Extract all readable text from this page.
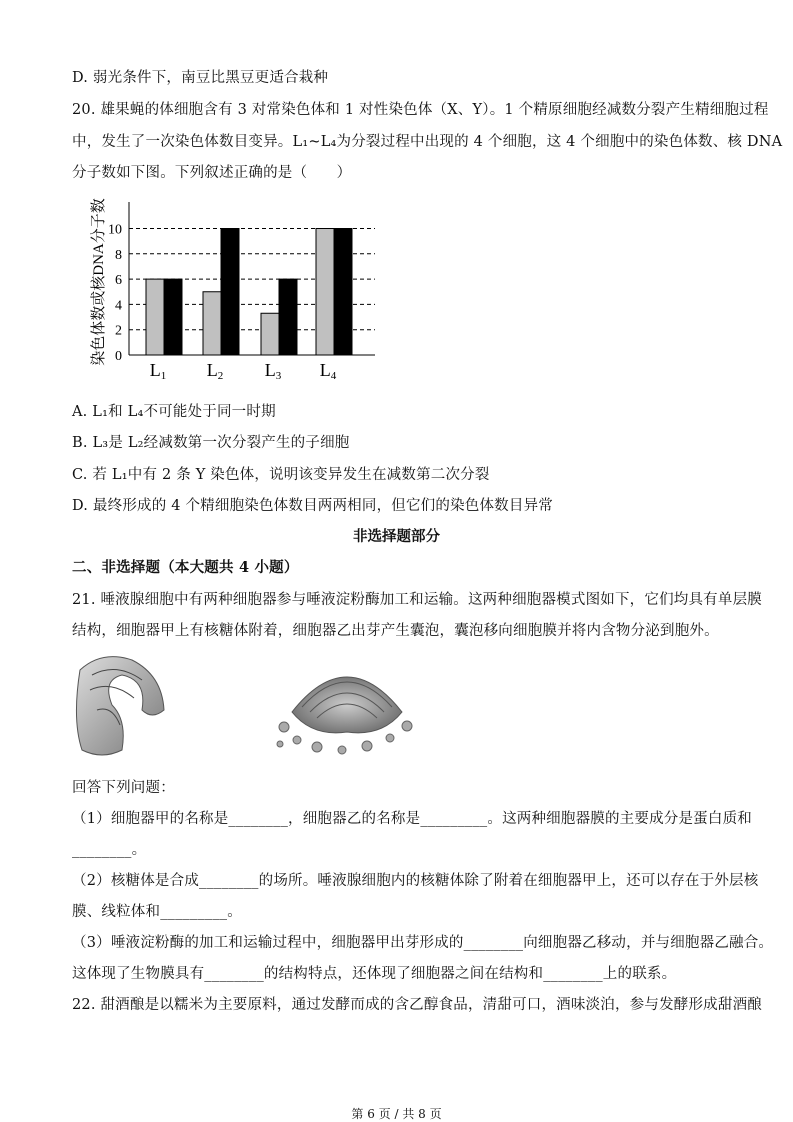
D. 弱光条件下，南豆比黑豆更适合栽种
20. 雄果蝇的体细胞含有 3 对常染色体和 1 对性染色体（X、Y）。1 个精原细胞经减数分裂产生精细胞过程
中，发生了一次染色体数目变异。L₁~L₄为分裂过程中出现的 4 个细胞，这 4 个细胞中的染色体数、核 DNA
分子数如下图。下列叙述正确的是（　　）
0
2
4
6
8
10
L1 L2 L3 L4
染色体数或核DNA分子数
A. L₁和 L₄不可能处于同一时期
B. L₃是 L₂经减数第一次分裂产生的子细胞
C. 若 L₁中有 2 条 Y 染色体，说明该变异发生在减数第二次分裂
D. 最终形成的 4 个精细胞染色体数目两两相同，但它们的染色体数目异常
非选择题部分
二、非选择题（本大题共 4 小题）
21. 唾液腺细胞中有两种细胞器参与唾液淀粉酶加工和运输。这两种细胞器模式图如下，它们均具有单层膜
结构，细胞器甲上有核糖体附着，细胞器乙出芽产生囊泡，囊泡移向细胞膜并将内含物分泌到胞外。
回答下列问题：
（1）细胞器甲的名称是________，细胞器乙的名称是_________。这两种细胞器膜的主要成分是蛋白质和
________。
（2）核糖体是合成________的场所。唾液腺细胞内的核糖体除了附着在细胞器甲上，还可以存在于外层核
膜、线粒体和_________。
（3）唾液淀粉酶的加工和运输过程中，细胞器甲出芽形成的________向细胞器乙移动，并与细胞器乙融合。
这体现了生物膜具有________的结构特点，还体现了细胞器之间在结构和________上的联系。
22. 甜酒酿是以糯米为主要原料，通过发酵而成的含乙醇食品，清甜可口，酒味淡泊，参与发酵形成甜酒酿
第 6 页 / 共 8 页
